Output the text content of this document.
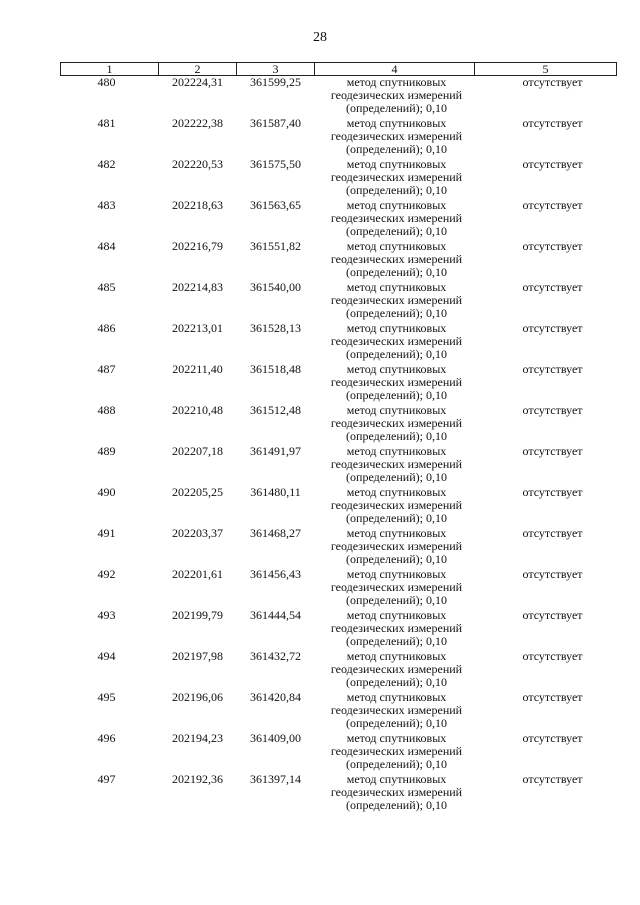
28
1	2	3	4	5
480	202224,31	361599,25	метод спутниковых
геодезических измерений
(определений); 0,10	отсутствует
481	202222,38	361587,40	метод спутниковых
геодезических измерений
(определений); 0,10	отсутствует
482	202220,53	361575,50	метод спутниковых
геодезических измерений
(определений); 0,10	отсутствует
483	202218,63	361563,65	метод спутниковых
геодезических измерений
(определений); 0,10	отсутствует
484	202216,79	361551,82	метод спутниковых
геодезических измерений
(определений); 0,10	отсутствует
485	202214,83	361540,00	метод спутниковых
геодезических измерений
(определений); 0,10	отсутствует
486	202213,01	361528,13	метод спутниковых
геодезических измерений
(определений); 0,10	отсутствует
487	202211,40	361518,48	метод спутниковых
геодезических измерений
(определений); 0,10	отсутствует
488	202210,48	361512,48	метод спутниковых
геодезических измерений
(определений); 0,10	отсутствует
489	202207,18	361491,97	метод спутниковых
геодезических измерений
(определений); 0,10	отсутствует
490	202205,25	361480,11	метод спутниковых
геодезических измерений
(определений); 0,10	отсутствует
491	202203,37	361468,27	метод спутниковых
геодезических измерений
(определений); 0,10	отсутствует
492	202201,61	361456,43	метод спутниковых
геодезических измерений
(определений); 0,10	отсутствует
493	202199,79	361444,54	метод спутниковых
геодезических измерений
(определений); 0,10	отсутствует
494	202197,98	361432,72	метод спутниковых
геодезических измерений
(определений); 0,10	отсутствует
495	202196,06	361420,84	метод спутниковых
геодезических измерений
(определений); 0,10	отсутствует
496	202194,23	361409,00	метод спутниковых
геодезических измерений
(определений); 0,10	отсутствует
497	202192,36	361397,14	метод спутниковых
геодезических измерений
(определений); 0,10	отсутствует
